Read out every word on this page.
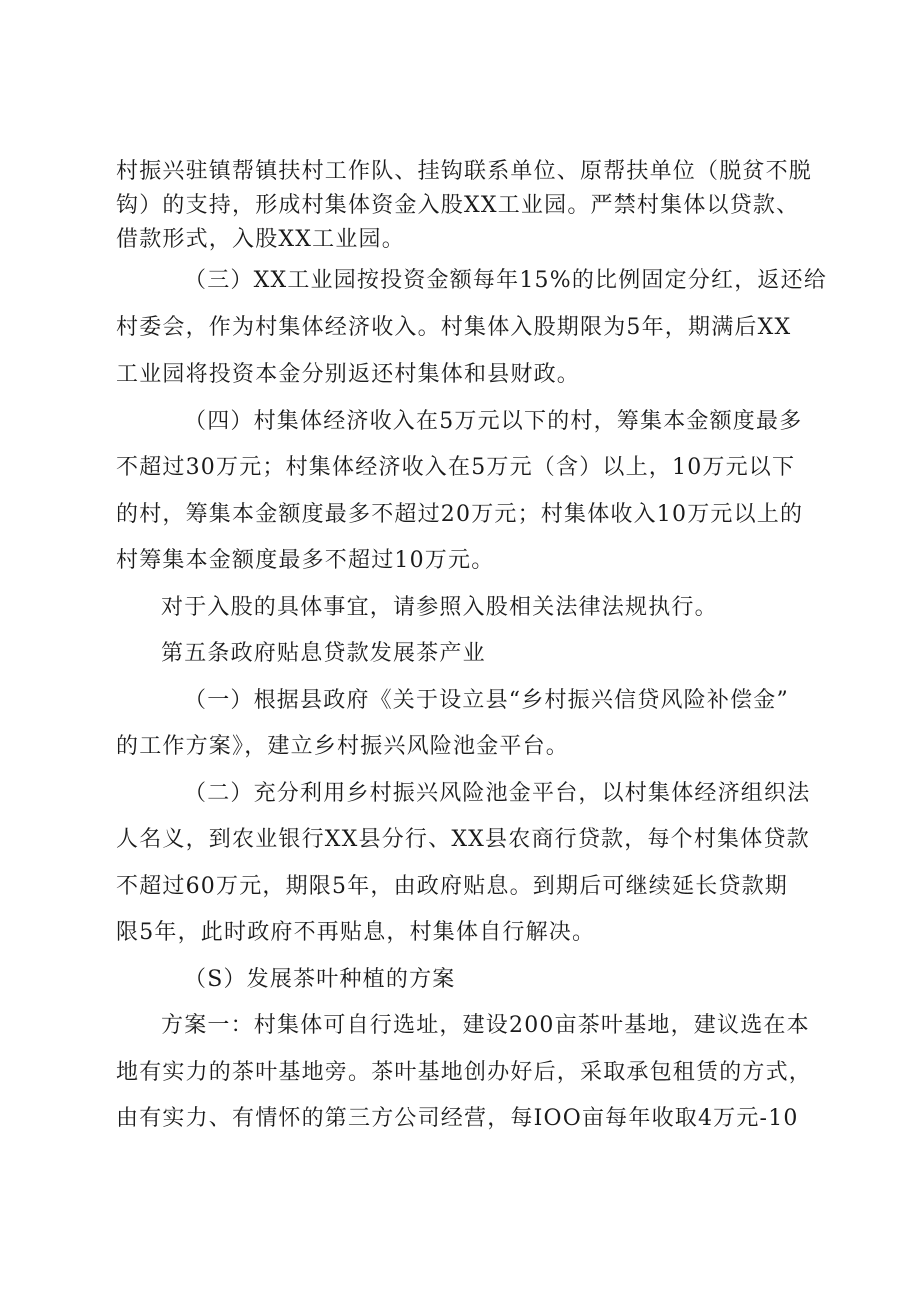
村振兴驻镇帮镇扶村工作队、挂钩联系单位、原帮扶单位（脱贫不脱
钩）的支持，形成村集体资金入股XX工业园。严禁村集体以贷款、
借款形式，入股XX工业园。
（三）XX工业园按投资金额每年15%的比例固定分红，返还给
村委会，作为村集体经济收入。村集体入股期限为5年，期满后XX
工业园将投资本金分别返还村集体和县财政。
（四）村集体经济收入在5万元以下的村，筹集本金额度最多
不超过30万元；村集体经济收入在5万元（含）以上，10万元以下
的村，筹集本金额度最多不超过20万元；村集体收入10万元以上的
村筹集本金额度最多不超过10万元。
对于入股的具体事宜，请参照入股相关法律法规执行。
第五条政府贴息贷款发展茶产业
（一）根据县政府《关于设立县“乡村振兴信贷风险补偿金”
的工作方案》，建立乡村振兴风险池金平台。
（二）充分利用乡村振兴风险池金平台，以村集体经济组织法
人名义，到农业银行XX县分行、XX县农商行贷款，每个村集体贷款
不超过60万元，期限5年，由政府贴息。到期后可继续延长贷款期
限5年，此时政府不再贴息，村集体自行解决。
（S）发展茶叶种植的方案
方案一：村集体可自行选址，建设200亩茶叶基地，建议选在本
地有实力的茶叶基地旁。茶叶基地创办好后，采取承包租赁的方式，
由有实力、有情怀的第三方公司经营，每IOO亩每年收取4万元-10
